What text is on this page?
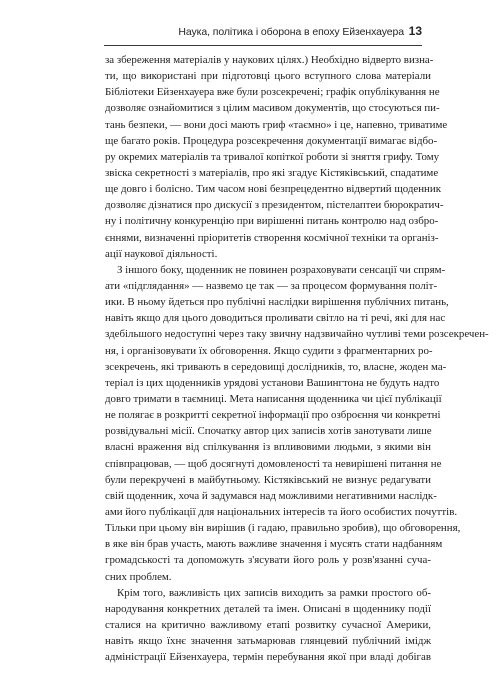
Наука, політика і оборона в епоху Ейзенхауера 13
за збереження матеріалів у наукових цілях.) Необхідно відверто визна-
ти, що використані при підготовці цього вступного слова матеріали
Бібліотеки Ейзенхауера вже були розсекречені; графік опублікування не
дозволяє ознайомитися з цілим масивом документів, що стосуються пи-
тань безпеки, — вони досі мають гриф «таємно» і це, напевно, триватиме
ще багато років. Процедура розсекречення документації вимагає відбо-
ру окремих матеріалів та тривалої копіткої роботи зі зняття грифу. Тому
звіска секретності з матеріалів, про які згадує Кістяківський, спадатиме
ще довго і болісно. Тим часом нові безпрецедентно відвертий щоденник
дозволяє дізнатися про дискусії з президентом, пістелаптеи бюрократич-
ну і політичну конкуренцію при вирішенні питань контролю над озбро-
єннями, визначенні пріоритетів створення космічної техніки та організ-
ації наукової діяльності.
З іншого боку, щоденник не повинен розраховувати сенсації чи спрям-
ати «підглядання» — назвемо це так — за процесом формування політ-
ики. В ньому йдеться про публічні наслідки вирішення публічних питань,
навіть якщо для цього доводиться проливати світло на ті речі, які для нас
здебільшого недоступні через таку звичну надзвичайно чутливі теми розсекречен-
ня, і організовувати їх обговорення. Якщо судити з фрагментарних ро-
зсекречень, які тривають в середовищі дослідників, то, власне, жоден ма-
теріал із цих щоденників урядові установи Вашингтона не будуть надто
довго тримати в таємниці. Мета написання щоденника чи цієї публікації
не полягає в розкритті секретної інформації про озброєння чи конкретні
розвідувальні місії. Спочатку автор цих записів хотів занотувати лише
власні враження від спілкування із впливовими людьми, з якими він
співпрацював, — щоб досягнуті домовленості та невирішені питання не
були перекручені в майбутньому. Кістяківський не визнує редагувати
свій щоденник, хоча й задумався над можливими негативними наслідк-
ами його публікації для національних інтересів та його особистих почуттів.
Тільки при цьому він вирішив (і гадаю, правильно зробив), що обговорення,
в яке він брав участь, мають важливе значення і мусять стати надбанням
громадськості та допоможуть з'ясувати його роль у розв'язанні суча-
сних проблем.
Крім того, важливість цих записів виходить за рамки простого об-
народування конкретних деталей та імен. Описані в щоденнику події
сталися на критично важливому етапі розвитку сучасної Америки,
навіть якщо їхнє значення затьмарював глянцевий публічний імідж
адміністрації Ейзенхауера, термін перебування якої при владі добігав
